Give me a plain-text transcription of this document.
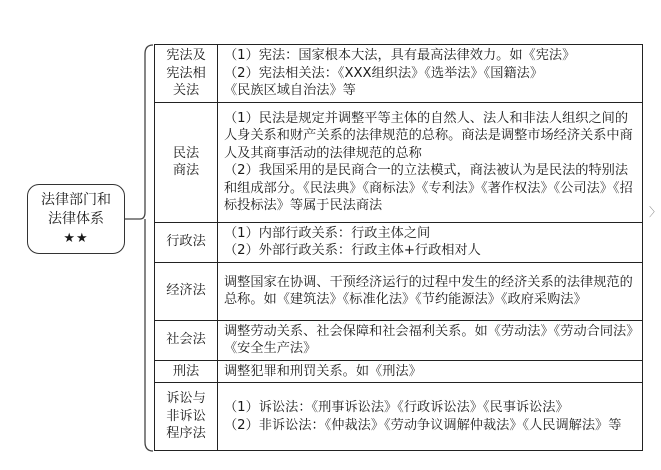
法律部门和
法律体系
★★
宪法及宪法相关法	（1）宪法：国家根本大法，具有最高法律效力。如《宪法》
（2）宪法相关法：《XXX组织法》《选举法》《国籍法》
《民族区域自治法》等

民法商法	（1）民法是规定并调整平等主体的自然人、法人和非法人组织之间的人身关系和财产关系的法律规范的总称。商法是调整市场经济关系中商人及其商事活动的法律规范的总称
（2）我国采用的是民商合一的立法模式，商法被认为是民法的特别法和组成部分。《民法典》《商标法》《专利法》《著作权法》《公司法》《招标投标法》等属于民法商法

行政法	（1）内部行政关系：行政主体之间
（2）外部行政关系：行政主体+行政相对人

经济法	调整国家在协调、干预经济运行的过程中发生的经济关系的法律规范的总称。如《建筑法》《标准化法》《节约能源法》《政府采购法》

社会法	调整劳动关系、社会保障和社会福利关系。如《劳动法》《劳动合同法》《安全生产法》

刑法	调整犯罪和刑罚关系。如《刑法》

诉讼与非诉讼程序法	（1）诉讼法：《刑事诉讼法》《行政诉讼法》《民事诉讼法》
（2）非诉讼法：《仲裁法》《劳动争议调解仲裁法》《人民调解法》等
〉
